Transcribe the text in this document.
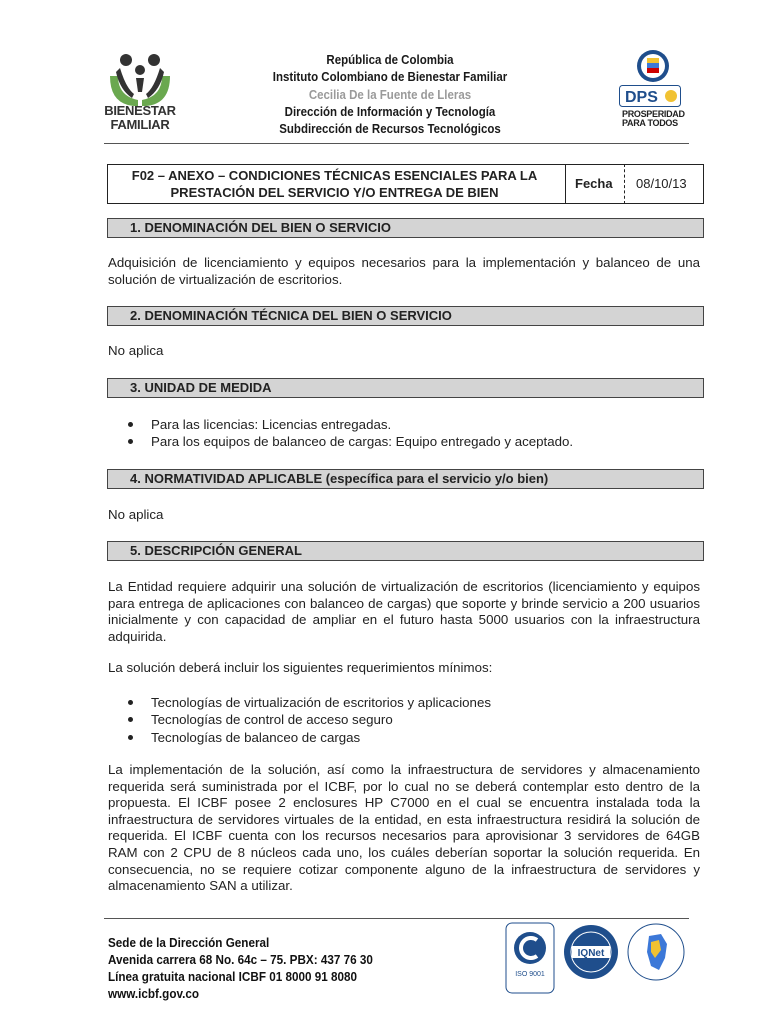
BIENESTAR
FAMILIAR
República de Colombia
Instituto Colombiano de Bienestar Familiar
Cecilia De la Fuente de Lleras
Dirección de Información y Tecnología
Subdirección de Recursos Tecnológicos
DPS
PROSPERIDAD
PARA TODOS
F02 – ANEXO – CONDICIONES TÉCNICAS ESENCIALES PARA LA PRESTACIÓN DEL SERVICIO Y/O ENTREGA DE BIEN
Fecha 08/10/13
1. DENOMINACIÓN DEL BIEN O SERVICIO
Adquisición de licenciamiento y equipos necesarios para la implementación y balanceo de una solución de virtualización de escritorios.
2. DENOMINACIÓN TÉCNICA DEL BIEN O SERVICIO
No aplica
3. UNIDAD DE MEDIDA
Para las licencias: Licencias entregadas.
Para los equipos de balanceo de cargas: Equipo entregado y aceptado.
4. NORMATIVIDAD APLICABLE (específica para el servicio y/o bien)
No aplica
5. DESCRIPCIÓN GENERAL
La Entidad requiere adquirir una solución de virtualización de escritorios (licenciamiento y equipos para entrega de aplicaciones con balanceo de cargas) que soporte y brinde servicio a 200 usuarios inicialmente y con capacidad de ampliar en el futuro hasta 5000 usuarios con la infraestructura adquirida.
La solución deberá incluir los siguientes requerimientos mínimos:
Tecnologías de virtualización de escritorios y aplicaciones
Tecnologías de control de acceso seguro
Tecnologías de balanceo de cargas
La implementación de la solución, así como la infraestructura de servidores y almacenamiento requerida será suministrada por el ICBF, por lo cual no se deberá contemplar esto dentro de la propuesta. El ICBF posee 2 enclosures HP C7000 en el cual se encuentra instalada toda la infraestructura de servidores virtuales de la entidad, en esta infraestructura residirá la solución de requerida. El ICBF cuenta con los recursos necesarios para aprovisionar 3 servidores de 64GB RAM con 2 CPU de 8 núcleos cada uno, los cuáles deberían soportar la solución requerida. En consecuencia, no se requiere cotizar componente alguno de la infraestructura de servidores y almacenamiento SAN a utilizar.
Sede de la Dirección General
Avenida carrera 68 No. 64c – 75. PBX: 437 76 30
Línea gratuita nacional ICBF 01 8000 91 8080
www.icbf.gov.co
ISO 9001
IQNet
